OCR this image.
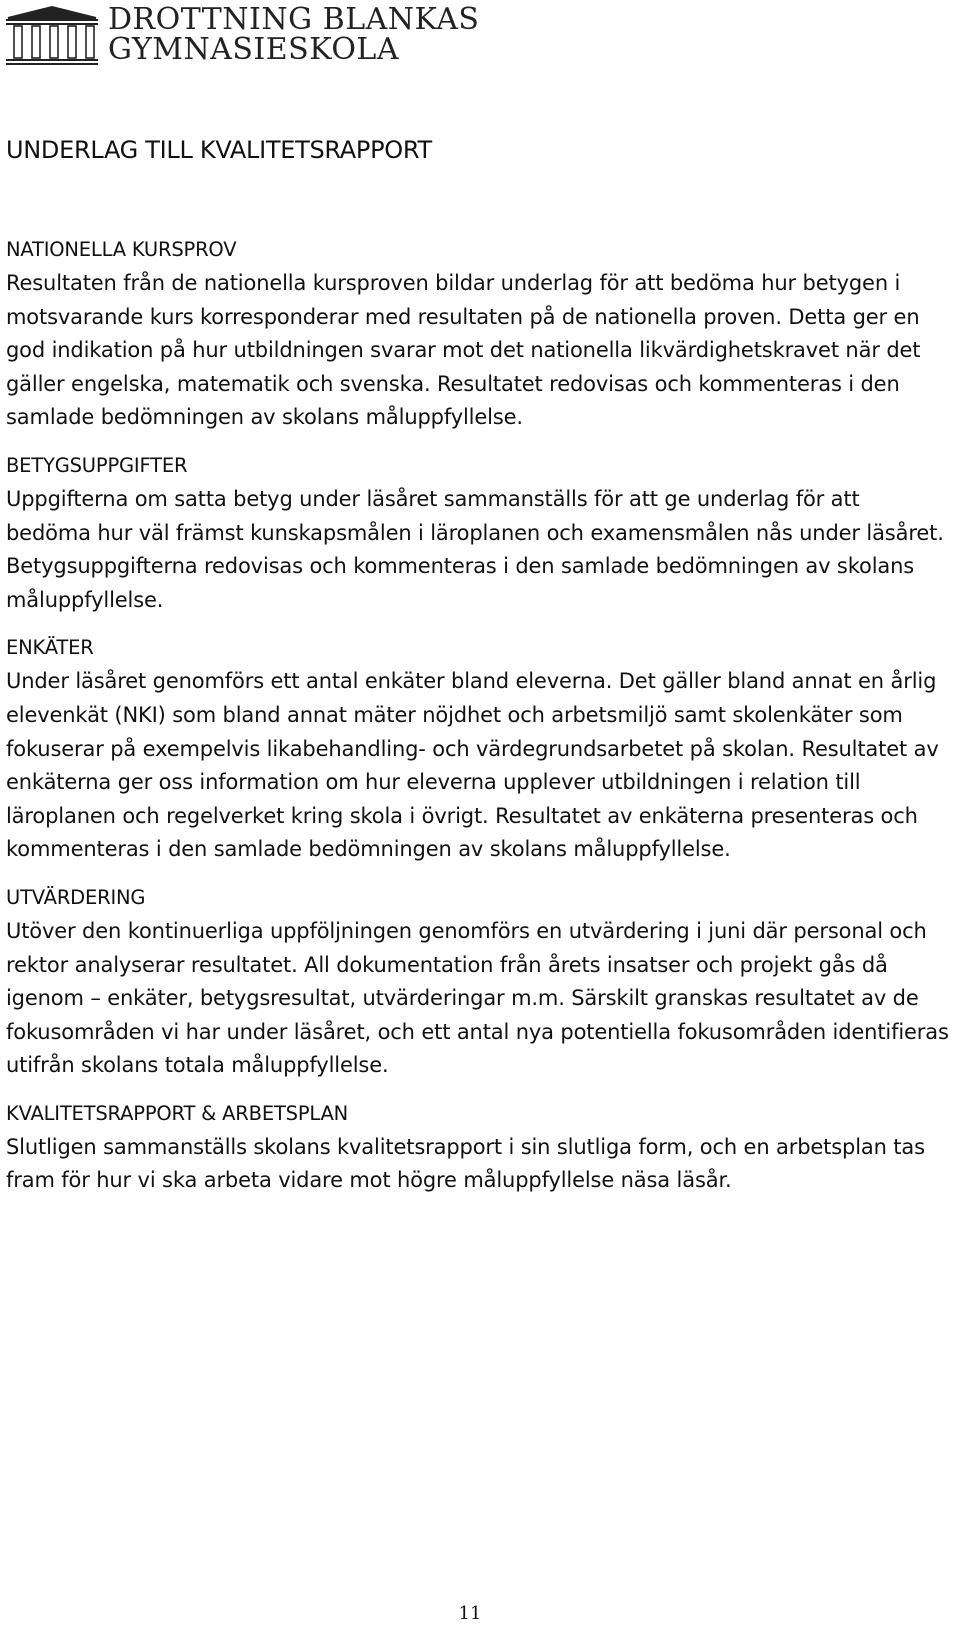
DROTTNING BLANKAS
GYMNASIESKOLA
UNDERLAG TILL KVALITETSRAPPORT

NATIONELLA KURSPROV

Resultaten från de nationella kursproven bildar underlag för att bedöma hur betygen i motsvarande kurs korresponderar med resultaten på de nationella proven. Detta ger en god indikation på hur utbildningen svarar mot det nationella likvärdighetskravet när det gäller engelska, matematik och svenska. Resultatet redovisas och kommenteras i den samlade bedömningen av skolans måluppfyllelse.

BETYGSUPPGIFTER

Uppgifterna om satta betyg under läsåret sammanställs för att ge underlag för att bedöma hur väl främst kunskapsmålen i läroplanen och examensmålen nås under läsåret. Betygsuppgifterna redovisas och kommenteras i den samlade bedömningen av skolans måluppfyllelse.

ENKÄTER

Under läsåret genomförs ett antal enkäter bland eleverna. Det gäller bland annat en årlig elevenkät (NKI) som bland annat mäter nöjdhet och arbetsmiljö samt skolenkäter som fokuserar på exempelvis likabehandling- och värdegrundsarbetet på skolan. Resultatet av enkäterna ger oss information om hur eleverna upplever utbildningen i relation till läroplanen och regelverket kring skola i övrigt. Resultatet av enkäterna presenteras och kommenteras i den samlade bedömningen av skolans måluppfyllelse.

UTVÄRDERING

Utöver den kontinuerliga uppföljningen genomförs en utvärdering i juni där personal och rektor analyserar resultatet. All dokumentation från årets insatser och projekt gås då igenom – enkäter, betygsresultat, utvärderingar m.m. Särskilt granskas resultatet av de fokusområden vi har under läsåret, och ett antal nya potentiella fokusområden identifieras utifrån skolans totala måluppfyllelse.

KVALITETSRAPPORT & ARBETSPLAN

Slutligen sammanställs skolans kvalitetsrapport i sin slutliga form, och en arbetsplan tas fram för hur vi ska arbeta vidare mot högre måluppfyllelse näsa läsår.

11
